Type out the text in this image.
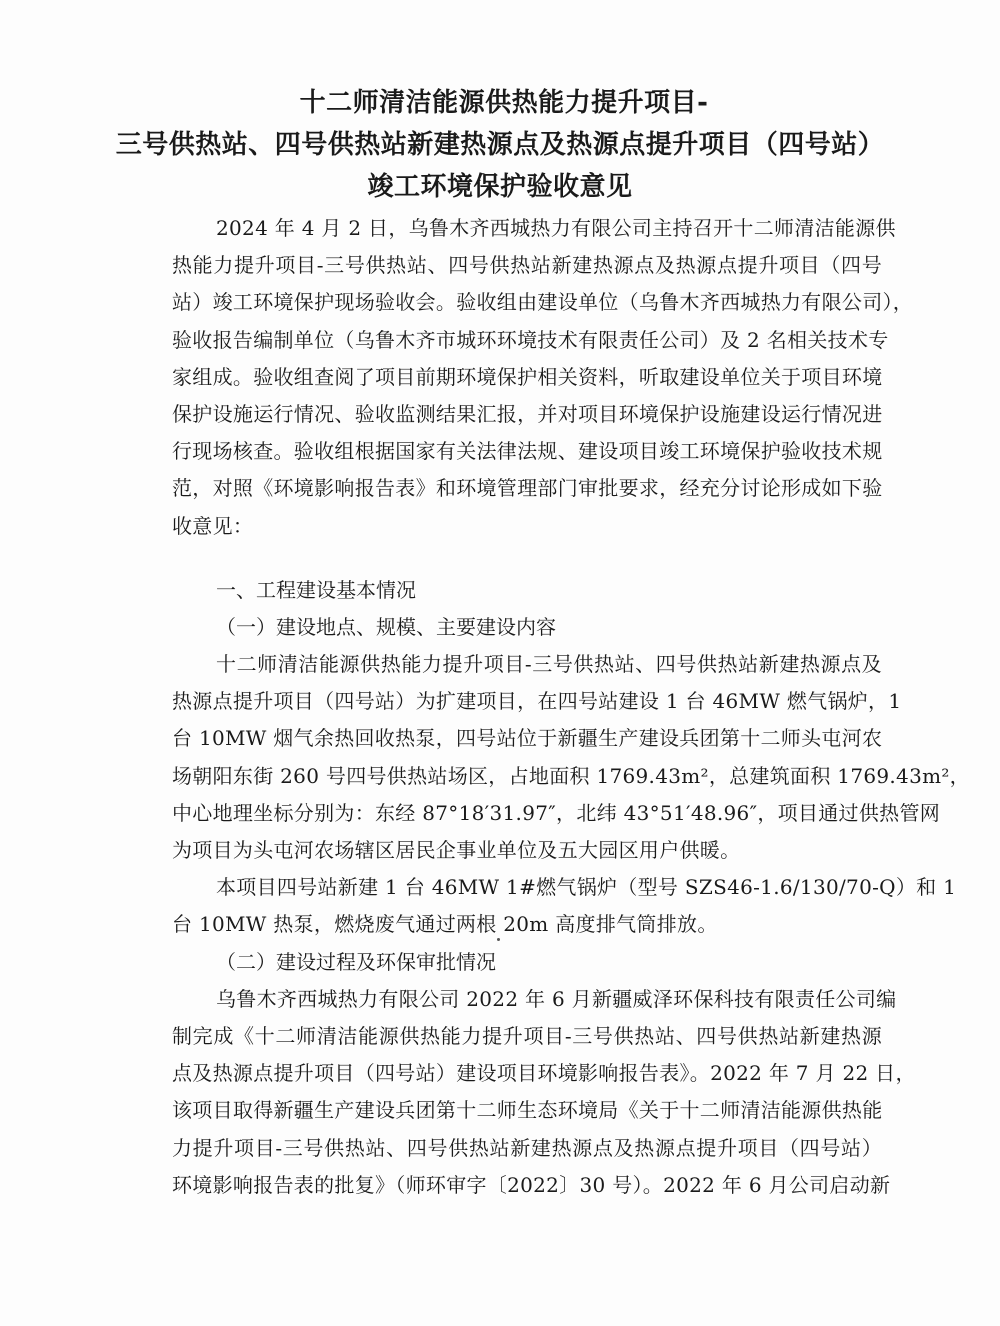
十二师清洁能源供热能力提升项目-
三号供热站、四号供热站新建热源点及热源点提升项目（四号站）
竣工环境保护验收意见
2024 年 4 月 2 日，乌鲁木齐西城热力有限公司主持召开十二师清洁能源供
热能力提升项目-三号供热站、四号供热站新建热源点及热源点提升项目（四号
站）竣工环境保护现场验收会。验收组由建设单位（乌鲁木齐西城热力有限公司），
验收报告编制单位（乌鲁木齐市城环环境技术有限责任公司）及 2 名相关技术专
家组成。验收组查阅了项目前期环境保护相关资料，听取建设单位关于项目环境
保护设施运行情况、验收监测结果汇报，并对项目环境保护设施建设运行情况进
行现场核查。验收组根据国家有关法律法规、建设项目竣工环境保护验收技术规
范，对照《环境影响报告表》和环境管理部门审批要求，经充分讨论形成如下验
收意见：
一、工程建设基本情况
（一）建设地点、规模、主要建设内容
十二师清洁能源供热能力提升项目-三号供热站、四号供热站新建热源点及
热源点提升项目（四号站）为扩建项目，在四号站建设 1 台 46MW 燃气锅炉，1
台 10MW 烟气余热回收热泵，四号站位于新疆生产建设兵团第十二师头屯河农
场朝阳东街 260 号四号供热站场区，占地面积 1769.43m²，总建筑面积 1769.43m²，
中心地理坐标分别为：东经 87°18′31.97″，北纬 43°51′48.96″，项目通过供热管网
为项目为头屯河农场辖区居民企事业单位及五大园区用户供暖。
本项目四号站新建 1 台 46MW 1#燃气锅炉（型号 SZS46-1.6/130/70-Q）和 1
台 10MW 热泵，燃烧废气通过两根 20m 高度排气筒排放。
（二）建设过程及环保审批情况
乌鲁木齐西城热力有限公司 2022 年 6 月新疆威泽环保科技有限责任公司编
制完成《十二师清洁能源供热能力提升项目-三号供热站、四号供热站新建热源
点及热源点提升项目（四号站）建设项目环境影响报告表》。2022 年 7 月 22 日，
该项目取得新疆生产建设兵团第十二师生态环境局《关于十二师清洁能源供热能
力提升项目-三号供热站、四号供热站新建热源点及热源点提升项目（四号站）
环境影响报告表的批复》（师环审字〔2022〕30 号）。2022 年 6 月公司启动新
